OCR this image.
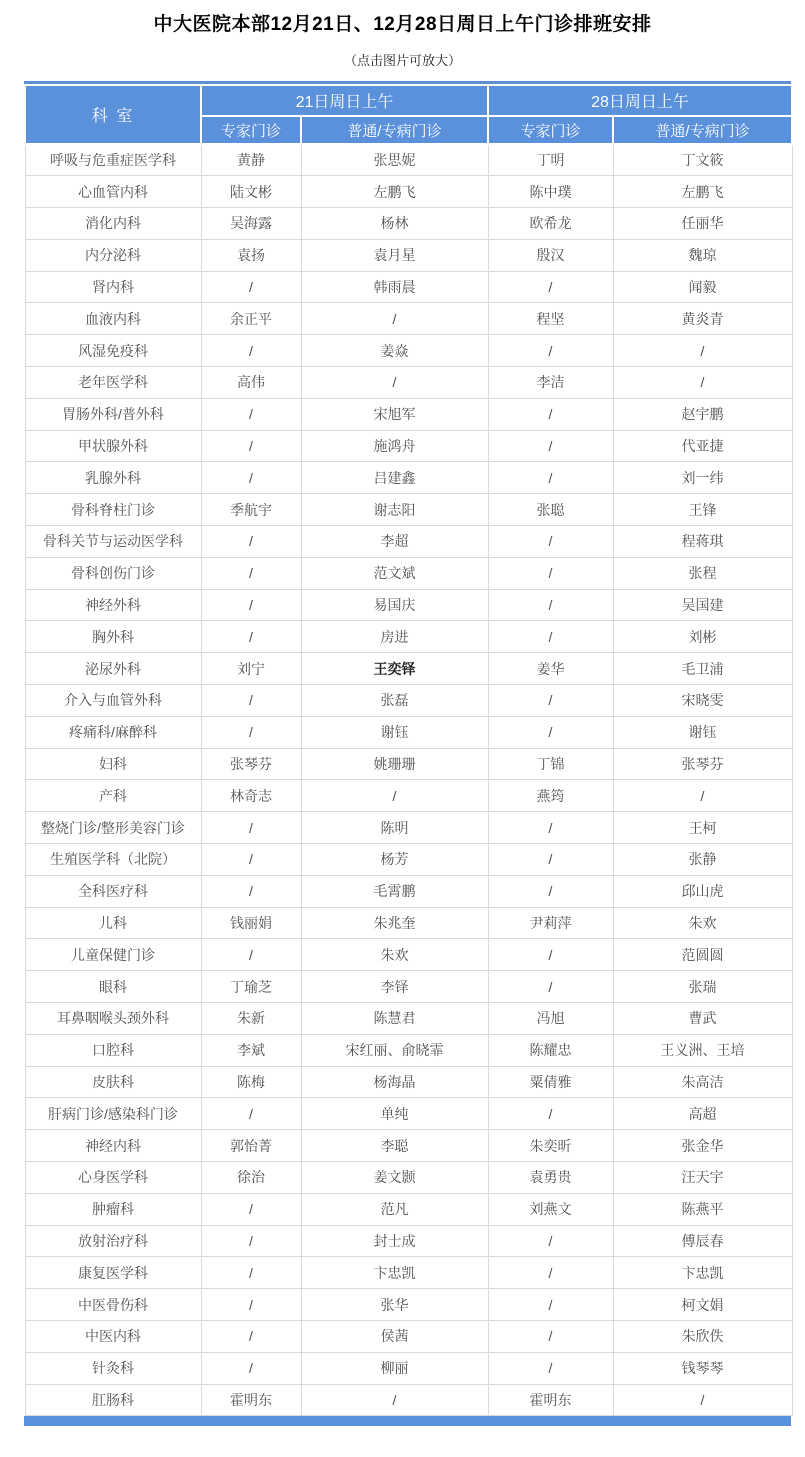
中大医院本部12月21日、12月28日周日上午门诊排班安排
（点击图片可放大）
科 室	21日周日上午		28日周日上午	
	专家门诊	普通/专病门诊	专家门诊	普通/专病门诊
呼吸与危重症医学科	黄静	张思妮	丁明	丁文筱
心血管内科	陆文彬	左鹏飞	陈中璞	左鹏飞
消化内科	吴海露	杨林	欧希龙	任丽华
内分泌科	袁扬	袁月星	殷汉	魏琼
肾内科	/	韩雨晨	/	闻毅
血液内科	余正平	/	程坚	黄炎青
风湿免疫科	/	姜焱	/	/
老年医学科	高伟	/	李洁	/
胃肠外科/普外科	/	宋旭军	/	赵宇鹏
甲状腺外科	/	施鸿舟	/	代亚捷
乳腺外科	/	吕建鑫	/	刘一纬
骨科脊柱门诊	季航宇	谢志阳	张聪	王锋
骨科关节与运动医学科	/	李超	/	程蒋琪
骨科创伤门诊	/	范文斌	/	张程
神经外科	/	易国庆	/	吴国建
胸外科	/	房进	/	刘彬
泌尿外科	刘宁	王奕铎	姜华	毛卫浦
介入与血管外科	/	张磊	/	宋晓雯
疼痛科/麻醉科	/	谢钰	/	谢钰
妇科	张琴芬	姚珊珊	丁锦	张琴芬
产科	林奇志	/	燕筠	/
整烧门诊/整形美容门诊	/	陈明	/	王柯
生殖医学科（北院）	/	杨芳	/	张静
全科医疗科	/	毛霄鹏	/	邱山虎
儿科	钱丽娟	朱兆奎	尹莉萍	朱欢
儿童保健门诊	/	朱欢	/	范圆圆
眼科	丁瑜芝	李铎	/	张瑞
耳鼻咽喉头颈外科	朱新	陈慧君	冯旭	曹武
口腔科	李斌	宋红丽、俞晓霏	陈耀忠	王义洲、王培
皮肤科	陈梅	杨海晶	粟倩雅	朱高洁
肝病门诊/感染科门诊	/	单纯	/	高超
神经内科	郭怡菁	李聪	朱奕昕	张金华
心身医学科	徐治	姜文颢	袁勇贵	汪天宇
肿瘤科	/	范凡	刘燕文	陈燕平
放射治疗科	/	封士成	/	傅辰春
康复医学科	/	卞忠凯	/	卞忠凯
中医骨伤科	/	张华	/	柯文娟
中医内科	/	侯茜	/	朱欣佚
针灸科	/	柳丽	/	钱琴琴
肛肠科	霍明东	/	霍明东	/
